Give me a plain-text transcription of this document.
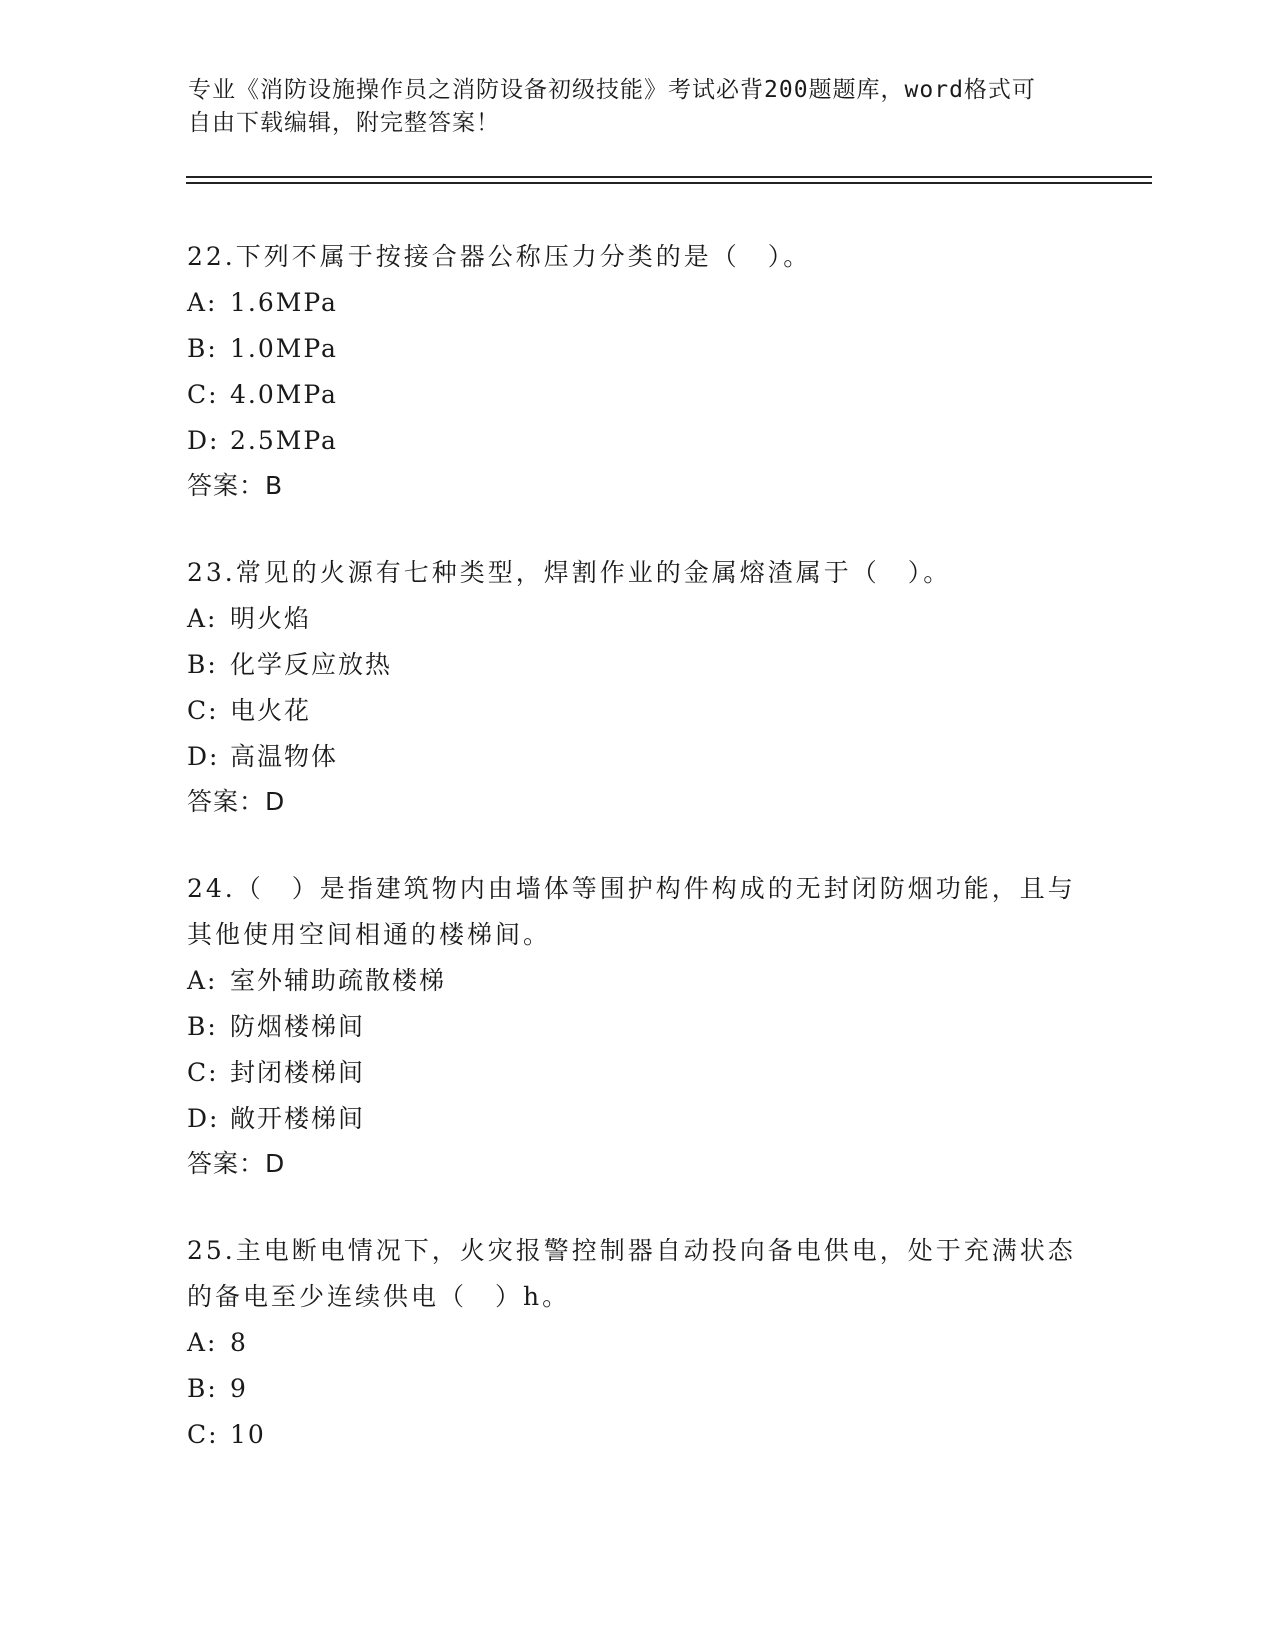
专业《消防设施操作员之消防设备初级技能》考试必背200题题库，word格式可
自由下载编辑，附完整答案！
22.下列不属于按接合器公称压力分类的是（　）。
A: 1.6MPa
B: 1.0MPa
C: 4.0MPa
D: 2.5MPa
答案：B
23.常见的火源有七种类型，焊割作业的金属熔渣属于（　）。
A: 明火焰
B: 化学反应放热
C: 电火花
D: 高温物体
答案：D
24.（　）是指建筑物内由墙体等围护构件构成的无封闭防烟功能，且与其他使用空间相通的楼梯间。
A: 室外辅助疏散楼梯
B: 防烟楼梯间
C: 封闭楼梯间
D: 敞开楼梯间
答案：D
25.主电断电情况下，火灾报警控制器自动投向备电供电，处于充满状态的备电至少连续供电（　）h。
A: 8
B: 9
C: 10
